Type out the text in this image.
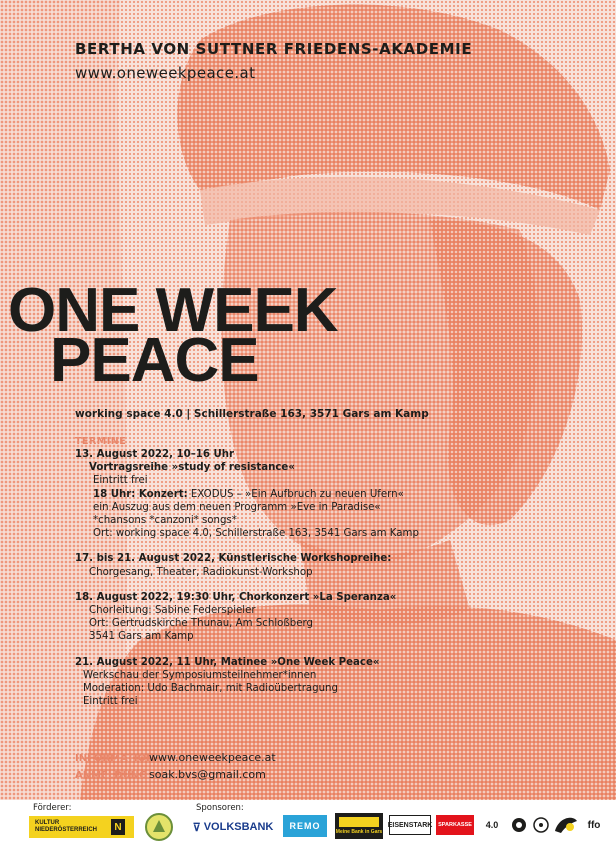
BERTHA VON SUTTNER FRIEDENS-AKADEMIE
www.oneweekpeace.at
ONE WEEK
PEACE
working space 4.0 | Schillerstraße 163, 3571 Gars am Kamp
TERMINE
13. August 2022, 10–16 Uhr
Vortragsreihe »study of resistance«
Eintritt frei
18 Uhr: Konzert: EXODUS – »Ein Aufbruch zu neuen Ufern«
ein Auszug aus dem neuen Programm »Eve in Paradise«
*chansons *canzoni* songs*
Ort: working space 4.0, Schillerstraße 163, 3541 Gars am Kamp
17. bis 21. August 2022, Künstlerische Workshopreihe:
Chorgesang, Theater, Radiokunst-Workshop
18. August 2022, 19:30 Uhr, Chorkonzert »La Speranza«
Chorleitung: Sabine Federspieler
Ort: Gertrudskirche Thunau, Am Schloßberg
3541 Gars am Kamp
21. August 2022, 11 Uhr, Matinee »One Week Peace«
Werkschau der Symposiumsteilnehmer*innen
Moderation: Udo Bachmair, mit Radioübertragung
Eintritt frei
INFORMATIONwww.oneweekpeace.at
ANMELDUNG soak.bvs@gmail.com
Förderer:	Sponsoren:
KULTUR NIEDERÖSTERREICH	N	⊽ VOLKSBANK	REMO
Meine Bank in Gars
EISENSTARK	SPARKASSE	4.0	ffo
